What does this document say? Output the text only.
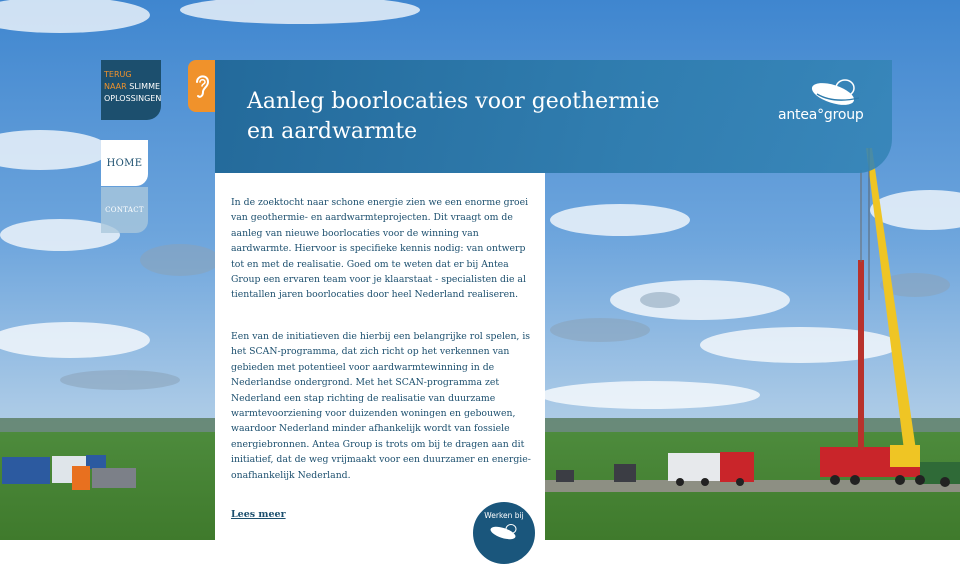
TERUG
NAAR SLIMME
OPLOSSINGEN
HOME
CONTACT
Aanleg boorlocaties voor geothermie en aardwarmte
antea°group

In de zoektocht naar schone energie zien we een enorme groei van geothermie- en aardwarmteprojecten. Dit vraagt om de aanleg van nieuwe boorlocaties voor de winning van aardwarmte. Hiervoor is specifieke kennis nodig: van ontwerp tot en met de realisatie. Goed om te weten dat er bij Antea Group een ervaren team voor je klaarstaat - specialisten die al tientallen jaren boorlocaties door heel Nederland realiseren.

Een van de initiatieven die hierbij een belangrijke rol spelen, is het SCAN-programma, dat zich richt op het verkennen van gebieden met potentieel voor aardwarmtewinning in de Nederlandse ondergrond. Met het SCAN-programma zet Nederland een stap richting de realisatie van duurzame warmtevoorziening voor duizenden woningen en gebouwen, waardoor Nederland minder afhankelijk wordt van fossiele energiebronnen. Antea Group is trots om bij te dragen aan dit initiatief, dat de weg vrijmaakt voor een duurzamer en energie-onafhankelijk Nederland.

Lees meer	Werken bij
